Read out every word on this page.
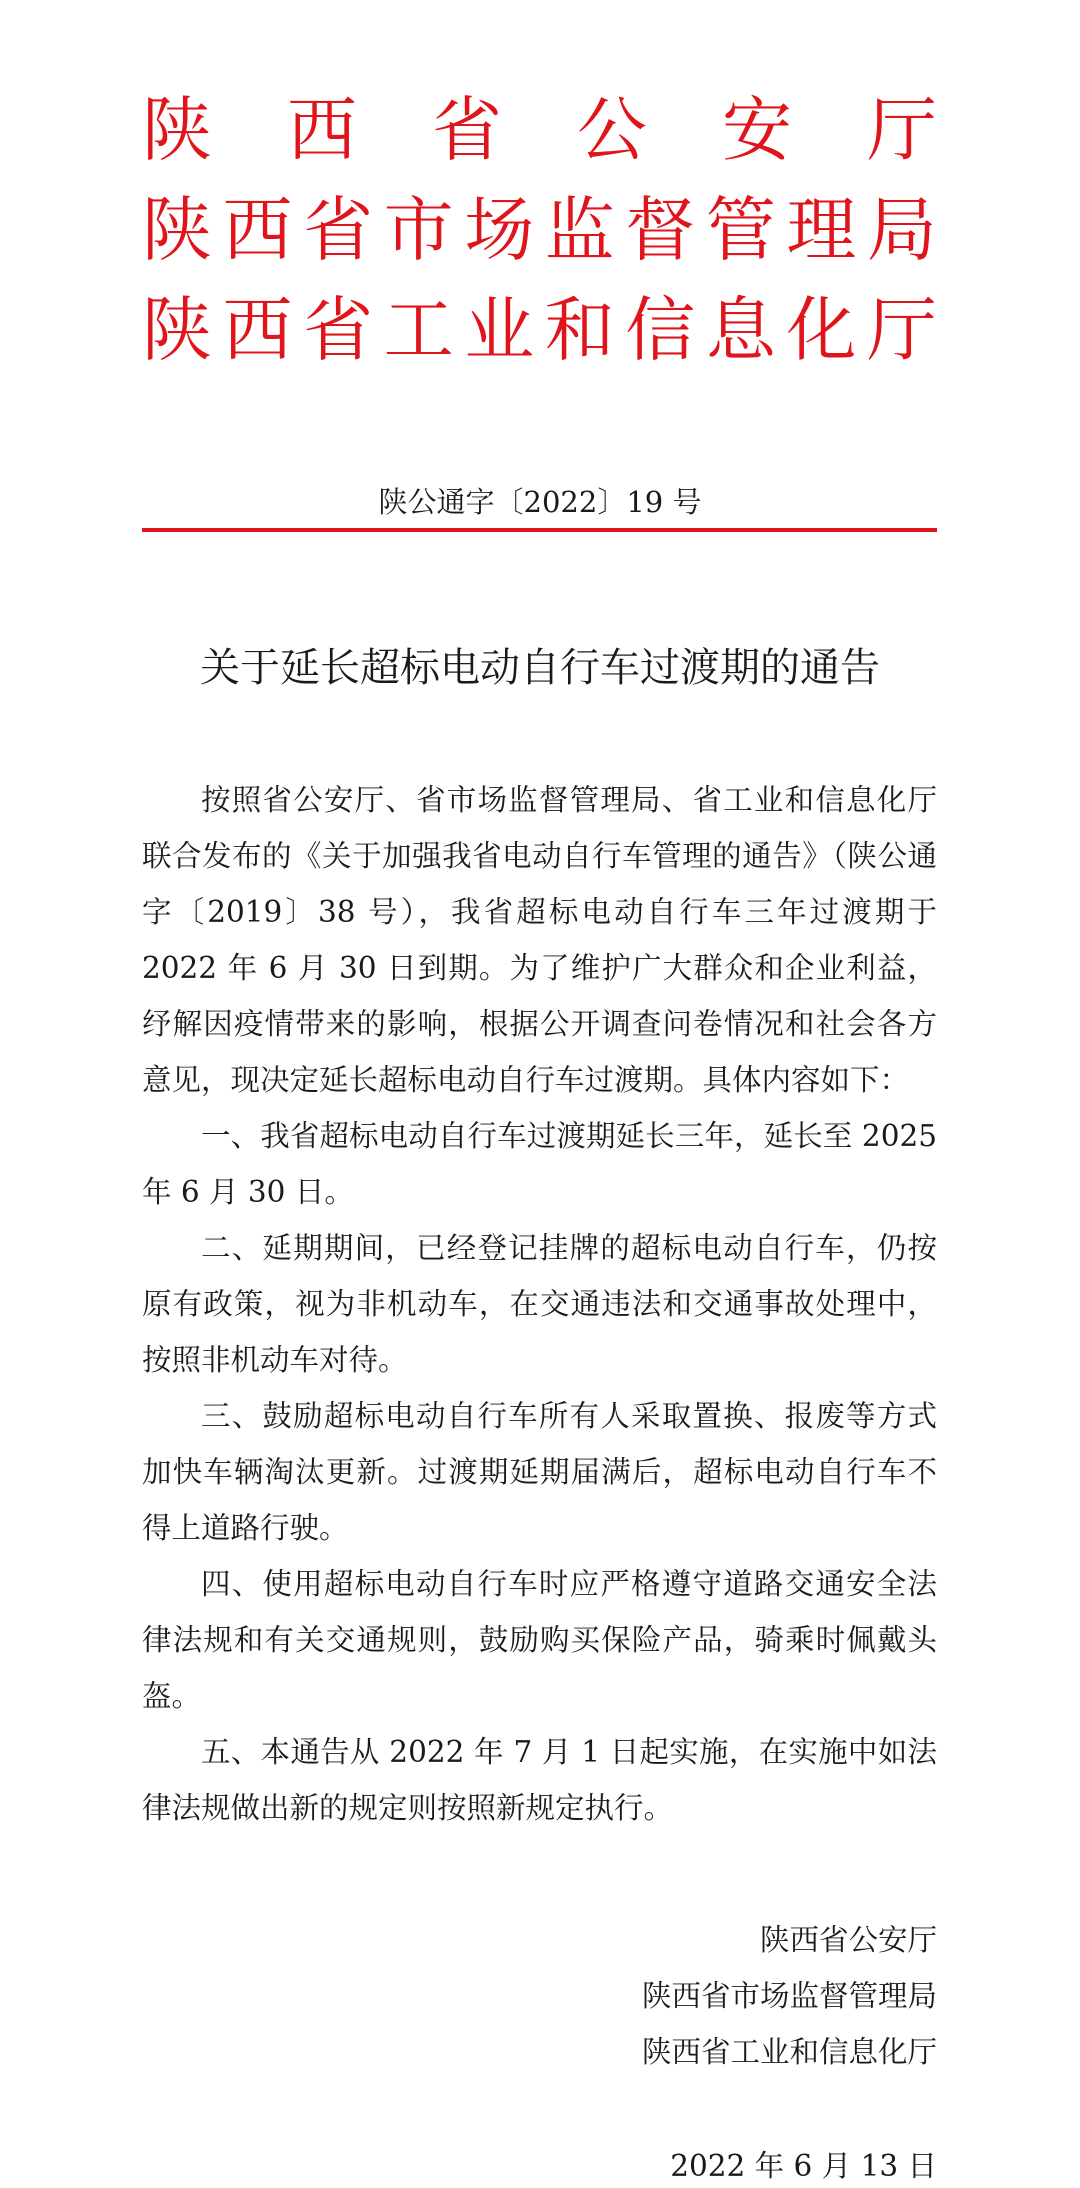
陕 西 省 公 安 厅
陕 西 省 市 场 监 督 管 理 局
陕 西 省 工 业 和 信 息 化 厅
陕公通字〔2022〕19 号
关于延长超标电动自行车过渡期的通告

按照省公安厅、省市场监督管理局、省工业和信息化厅联合发布的《关于加强我省电动自行车管理的通告》（陕公通字〔2019〕38 号），我省超标电动自行车三年过渡期于 2022 年 6 月 30 日到期。为了维护广大群众和企业利益，纾解因疫情带来的影响，根据公开调查问卷情况和社会各方意见，现决定延长超标电动自行车过渡期。具体内容如下：

一、我省超标电动自行车过渡期延长三年，延长至 2025 年 6 月 30 日。

二、延期期间，已经登记挂牌的超标电动自行车，仍按原有政策，视为非机动车，在交通违法和交通事故处理中，按照非机动车对待。

三、鼓励超标电动自行车所有人采取置换、报废等方式加快车辆淘汰更新。过渡期延期届满后，超标电动自行车不得上道路行驶。

四、使用超标电动自行车时应严格遵守道路交通安全法律法规和有关交通规则，鼓励购买保险产品，骑乘时佩戴头盔。

五、本通告从 2022 年 7 月 1 日起实施，在实施中如法律法规做出新的规定则按照新规定执行。

陕西省公安厅
陕西省市场监督管理局
陕西省工业和信息化厅
2022 年 6 月 13 日
